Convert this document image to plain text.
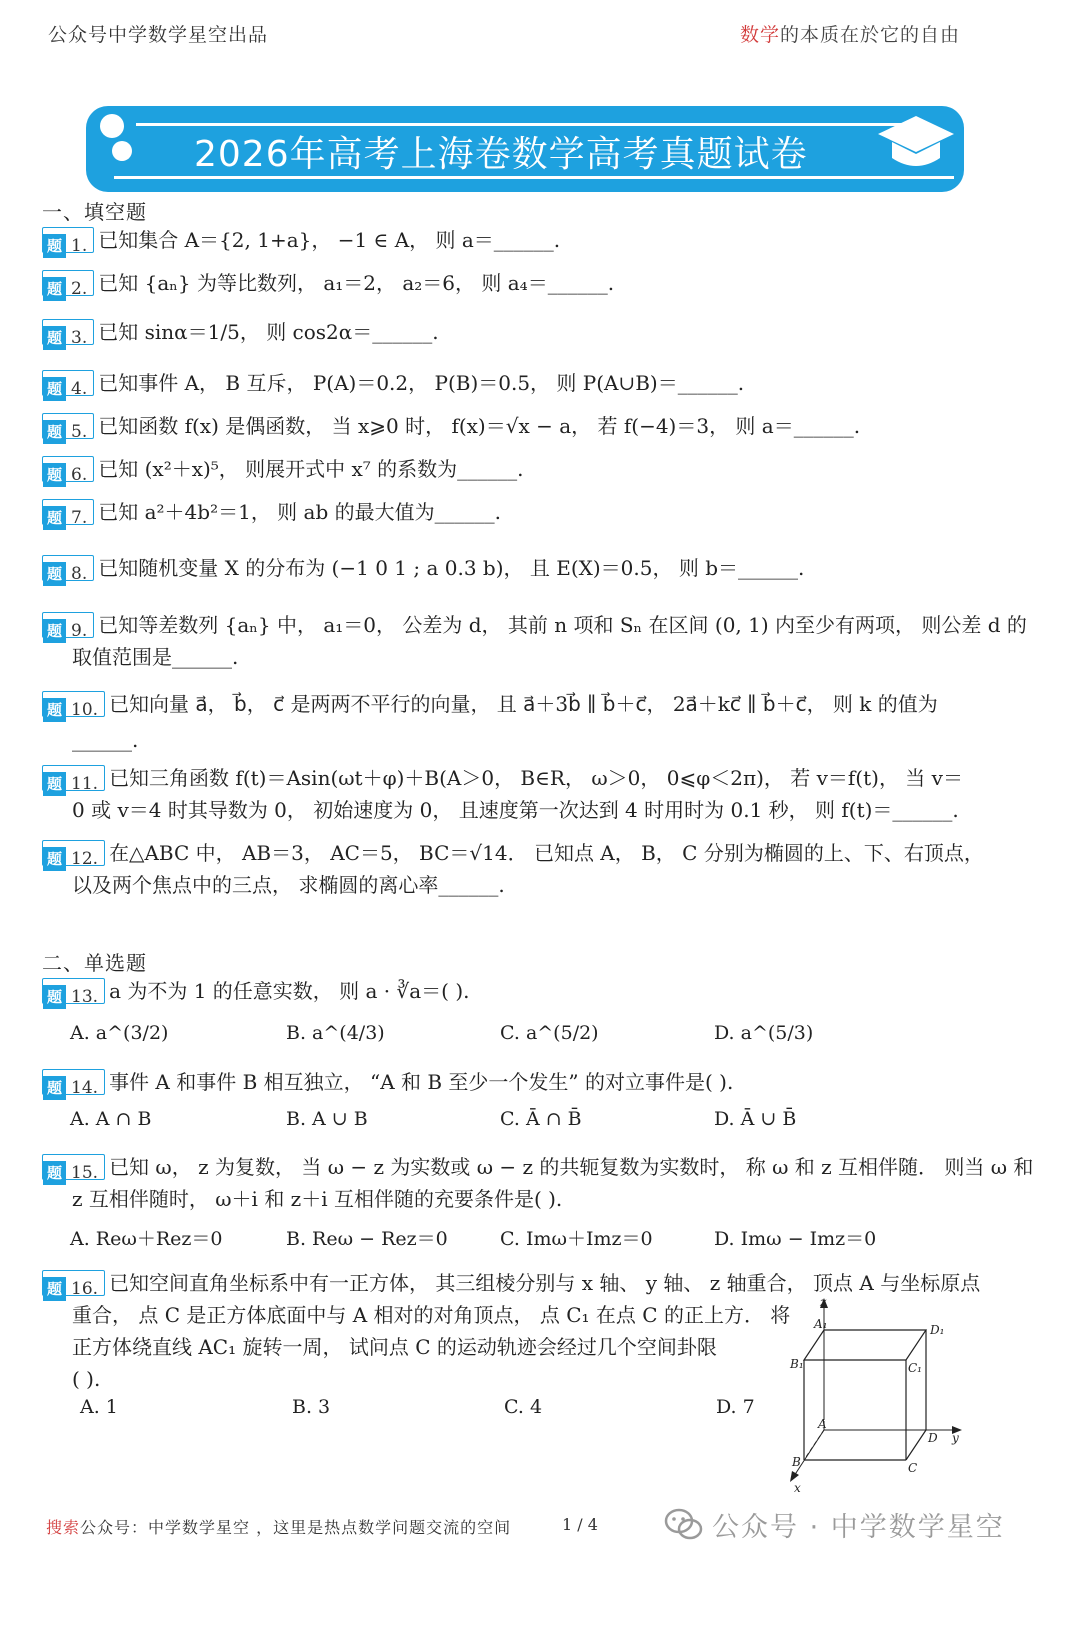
公众号中学数学星空出品	数学的本质在於它的自由
2026年高考上海卷数学高考真题试卷
一、填空题
题 1. 已知集合 A＝{2, 1+a}， −1 ∈ A， 则 a＝______.
题 2. 已知 {aₙ} 为等比数列， a₁＝2， a₂＝6， 则 a₄＝______.
题 3. 已知 sinα＝1/5， 则 cos2α＝______.
题 4. 已知事件 A， B 互斥， P(A)＝0.2， P(B)＝0.5， 则 P(A∪B)＝______.
题 5. 已知函数 f(x) 是偶函数， 当 x⩾0 时， f(x)＝√x − a， 若 f(−4)＝3， 则 a＝______.
题 6. 已知 (x²＋x)⁵， 则展开式中 x⁷ 的系数为______.
题 7. 已知 a²＋4b²＝1， 则 ab 的最大值为______.
题 8. 已知随机变量 X 的分布为 (−1 0 1 ; a 0.3 b)， 且 E(X)＝0.5， 则 b＝______.
题 9. 已知等差数列 {aₙ} 中， a₁＝0， 公差为 d， 其前 n 项和 Sₙ 在区间 (0, 1) 内至少有两项， 则公差 d 的
取值范围是______.
题 10. 已知向量 a⃗， b⃗， c⃗ 是两两不平行的向量， 且 a⃗＋3b⃗ ∥ b⃗＋c⃗， 2a⃗＋kc⃗ ∥ b⃗＋c⃗， 则 k 的值为
______.
题 11. 已知三角函数 f(t)＝Asin(ωt＋φ)＋B(A＞0， B∈R， ω＞0， 0⩽φ＜2π)， 若 v＝f(t)， 当 v＝
0 或 v＝4 时其导数为 0， 初始速度为 0， 且速度第一次达到 4 时用时为 0.1 秒， 则 f(t)＝______.
题 12. 在△ABC 中， AB＝3， AC＝5， BC＝√14． 已知点 A， B， C 分别为椭圆的上、下、右顶点，
以及两个焦点中的三点， 求椭圆的离心率______.
二、单选题
题 13. a 为不为 1 的任意实数， 则 a · ∛a＝( ).
A. a^(3/2)	B. a^(4/3)	C. a^(5/2)	D. a^(5/3)
题 14. 事件 A 和事件 B 相互独立， “A 和 B 至少一个发生” 的对立事件是( ).
A. A ∩ B	B. A ∪ B	C. Ā ∩ B̄	D. Ā ∪ B̄
题 15. 已知 ω， z 为复数， 当 ω − z 为实数或 ω − z 的共轭复数为实数时， 称 ω 和 z 互相伴随． 则当 ω 和
z 互相伴随时， ω＋i 和 z＋i 互相伴随的充要条件是( ).
A. Reω＋Rez＝0	B. Reω − Rez＝0	C. Imω＋Imz＝0	D. Imω − Imz＝0
题 16. 已知空间直角坐标系中有一正方体， 其三组棱分别与 x 轴、 y 轴、 z 轴重合， 顶点 A 与坐标原点
重合， 点 C 是正方体底面中与 A 相对的对角顶点， 点 C₁ 在点 C 的正上方． 将
正方体绕直线 AC₁ 旋转一周， 试问点 C 的运动轨迹会经过几个空间卦限
( ).
A. 1	B. 3	C. 4	D. 7
z
y
x
A₁	D₁
B₁	C₁
A
D
B	C
搜索公众号：中学数学星空 ，这里是热点数学问题交流的空间	1 / 4	公众号 · 中学数学星空
